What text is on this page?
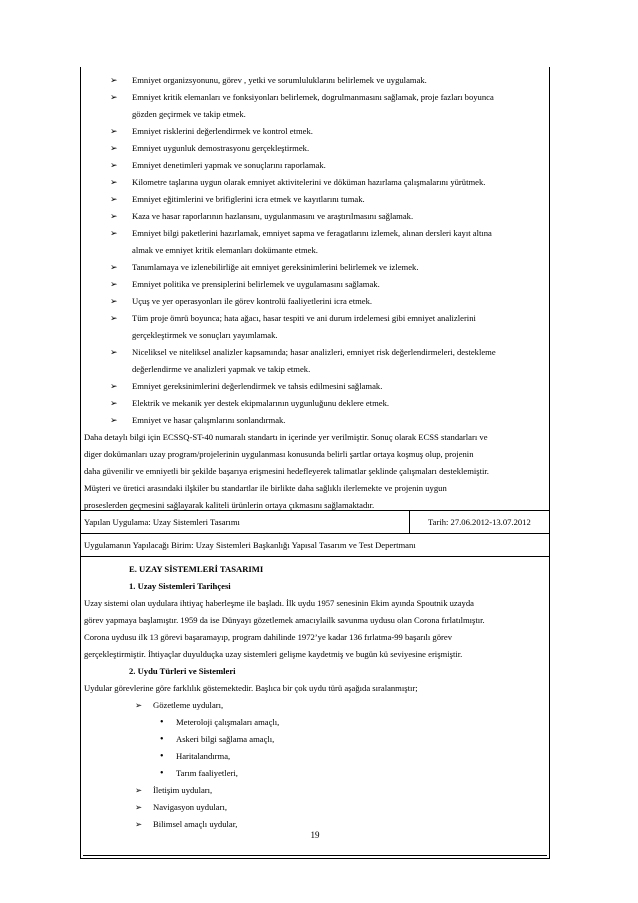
➢ Emniyet organizsyonunu, görev , yetki ve sorumluluklarını belirlemek ve uygulamak.
➢ Emniyet kritik elemanları ve fonksiyonları belirlemek, dogrulmanmasını sağlamak, proje fazları boyunca
gözden geçirmek ve takip etmek.
➢ Emniyet risklerini değerlendirmek ve kontrol etmek.
➢ Emniyet uygunluk demostrasyonu gerçekleştirmek.
➢ Emniyet denetimleri yapmak ve sonuçlarını raporlamak.
➢ Kilometre taşlarına uygun olarak emniyet aktivitelerini ve döküman hazırlama çalışmalarını yürütmek.
➢ Emniyet eğitimlerini ve brifiglerini icra etmek ve kayıtlarını tumak.
➢ Kaza ve hasar raporlarının hazlansını, uygulanmasını ve araştırılmasını sağlamak.
➢ Emniyet bilgi paketlerini hazırlamak, emniyet sapma ve feragatlarını izlemek, alınan dersleri kayıt altına
almak ve emniyet kritik elemanları dokümante etmek.
➢ Tanımlamaya ve izlenebilirliğe ait emniyet gereksinimlerini belirlemek ve izlemek.
➢ Emniyet politika ve prensiplerini belirlemek ve uygulamasını sağlamak.
➢ Uçuş ve yer operasyonları ile görev kontrolü faaliyetlerini icra etmek.
➢ Tüm proje ömrü boyunca; hata ağacı, hasar tespiti ve ani durum irdelemesi gibi emniyet analizlerini
gerçekleştirmek ve sonuçları yayımlamak.
➢ Niceliksel ve niteliksel analizler kapsamında; hasar analizleri, emniyet risk değerlendirmeleri, destekleme
değerlendirme ve analizleri yapmak ve takip etmek.
➢ Emniyet gereksinimlerini değerlendirmek ve tahsis edilmesini sağlamak.
➢ Elektrik ve mekanik yer destek ekipmalarının uygunluğunu deklere etmek.
➢ Emniyet ve hasar çalışmlarını sonlandırmak.
Daha detaylı bilgi için ECSSQ-ST-40 numaralı standartı in içerinde yer verilmiştir. Sonuç olarak ECSS standarları ve
diger dokümanları uzay program/projelerinin uygulanması konusunda belirli şartlar ortaya koşmuş olup, projenin
daha güvenilir ve emniyetli bir şekilde başarıya erişmesini hedefleyerek talimatlar şeklinde çalışmaları desteklemiştir.
Müşteri ve üretici arasındaki ilşkiler bu standartlar ile birlikte daha sağlıklı ilerlemekte ve projenin uygun
proseslerden geçmesini sağlayarak kaliteli ürünlerin ortaya çıkmasını sağlamaktadır.
Yapılan Uygulama: Uzay Sistemleri Tasarımı	Tarih: 27.06.2012-13.07.2012
Uygulamanın Yapılacağı Birim: Uzay Sistemleri Başkanlığı Yapısal Tasarım ve Test Depertmanı
E. UZAY SİSTEMLERİ TASARIMI
1. Uzay Sistemleri Tarihçesi
Uzay sistemi olan uydulara ihtiyaç haberleşme ile başladı. İlk uydu 1957 senesinin Ekim ayında Spoutnik uzayda
görev yapmaya başlamıştır. 1959 da ise Dünyayı gözetlemek amacıylailk savunma uydusu olan Corona fırlatılmıştır.
Corona uydusu ilk 13 görevi başaramayıp, program dahilinde 1972’ye kadar 136 fırlatma-99 başarılı görev
gerçekleştirmiştir. İhtiyaçlar duyulduçka uzay sistemleri gelişme kaydetmiş ve bugün kü seviyesine erişmiştir.
2. Uydu Türleri ve Sistemleri
Uydular görevlerine göre farklılık göstemektedir. Başlıca bir çok uydu türü aşağıda sıralanmıştır;
➢ Gözetleme uyduları,
• Meteroloji çalışmaları amaçlı,
• Askeri bilgi sağlama amaçlı,
• Haritalandırma,
• Tarım faaliyetleri,
➢ İletişim uyduları,
➢ Navigasyon uyduları,
➢ Bilimsel amaçlı uydular,
19
